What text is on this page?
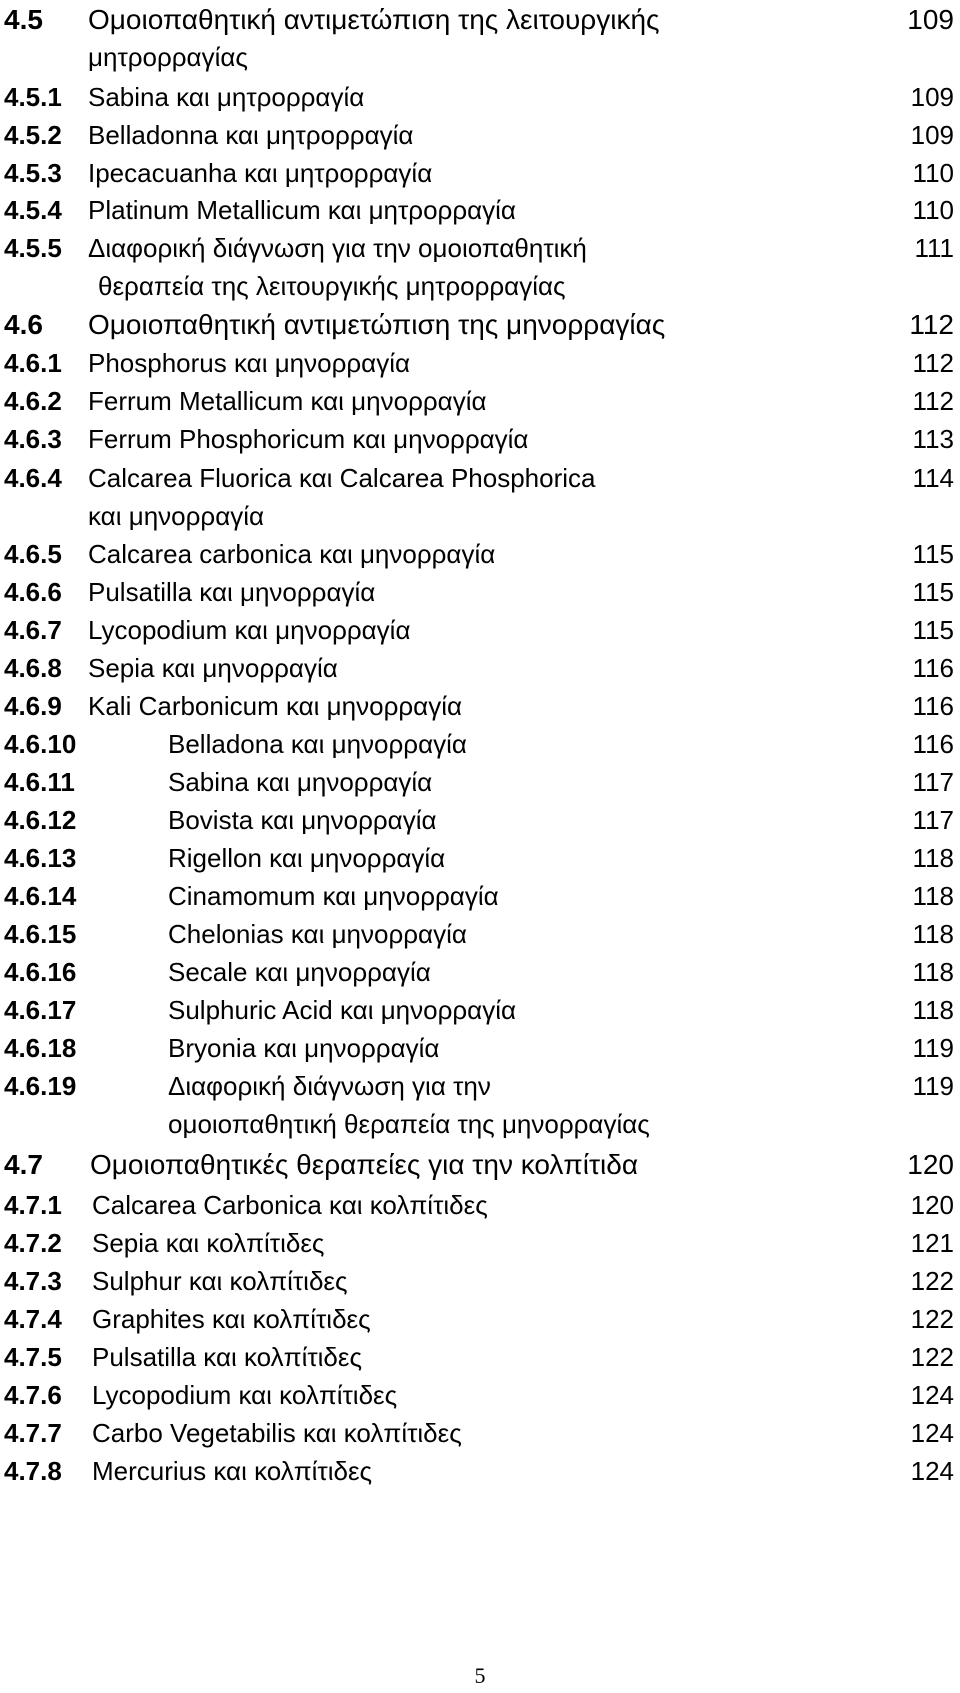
4.5 Ομοιοπαθητική αντιμετώπιση της λειτουργικής	109
μητρορραγίας
4.5.1 Sabina και μητρορραγία	109
4.5.2 Belladonna και μητρορραγία	109
4.5.3 Ipecacuanha και μητρορραγία	110
4.5.4 Platinum Metallicum και μητρορραγία	110
4.5.5 Διαφορική διάγνωση για την ομοιοπαθητική	111
θεραπεία της λειτουργικής μητρορραγίας
4.6 Ομοιοπαθητική αντιμετώπιση της μηνορραγίας	112
4.6.1 Phosphorus και μηνορραγία	112
4.6.2 Ferrum Metallicum και μηνορραγία	112
4.6.3 Ferrum Phosphoricum και μηνορραγία	113
4.6.4 Calcarea Fluorica και Calcarea Phosphorica	114
και μηνορραγία
4.6.5 Calcarea carbonica και μηνορραγία	115
4.6.6 Pulsatilla και μηνορραγία	115
4.6.7 Lycopodium και μηνορραγία	115
4.6.8 Sepia και μηνορραγία	116
4.6.9 Kali Carbonicum και μηνορραγία	116
4.6.10	Belladona και μηνορραγία	116
4.6.11	Sabina και μηνορραγία	117
4.6.12	Bovista και μηνορραγία	117
4.6.13	Rigellon και μηνορραγία	118
4.6.14	Cinamomum και μηνορραγία	118
4.6.15	Chelonias και μηνορραγία	118
4.6.16	Secale και μηνορραγία	118
4.6.17	Sulphuric Acid και μηνορραγία	118
4.6.18	Bryonia και μηνορραγία	119
4.6.19	Διαφορική διάγνωση για την	119
ομοιοπαθητική θεραπεία της μηνορραγίας
4.7 Ομοιοπαθητικές θεραπείες για την κολπίτιδα	120
4.7.1 Calcarea Carbonica και κολπίτιδες	120
4.7.2 Sepia και κολπίτιδες	121
4.7.3 Sulphur και κολπίτιδες	122
4.7.4 Graphites και κολπίτιδες	122
4.7.5 Pulsatilla και κολπίτιδες	122
4.7.6 Lycopodium και κολπίτιδες	124
4.7.7 Carbo Vegetabilis και κολπίτιδες	124
4.7.8 Mercurius και κολπίτιδες	124
5
